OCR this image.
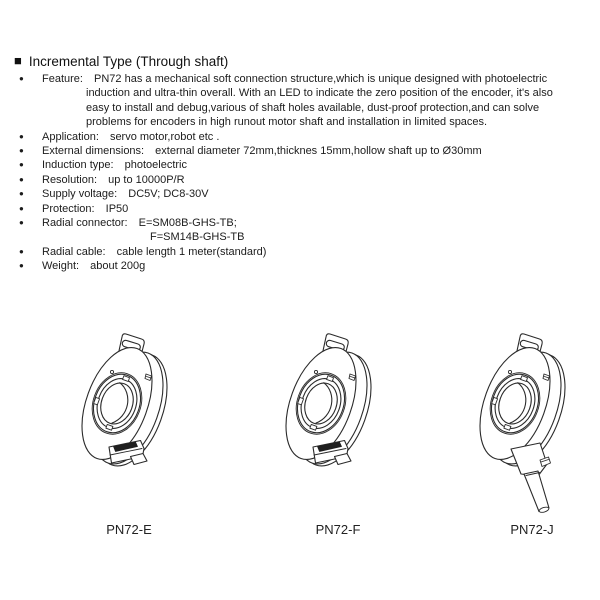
■ Incremental Type (Through shaft)
● Feature: PN72 has a mechanical soft connection structure,which is unique designed with photoelectric
induction and ultra-thin overall. With an LED to indicate the zero position of the encoder, it's also
easy to install and debug,various of shaft holes available, dust-proof protection,and can solve
problems for encoders in high runout motor shaft and installation in limited spaces.
● Application: servo motor,robot etc .
● External dimensions: external diameter 72mm,thicknes 15mm,hollow shaft up to Ø30mm
● Induction type: photoelectric
● Resolution: up to 10000P/R
● Supply voltage: DC5V; DC8-30V
● Protection: IP50
● Radial connector: E=SM08B-GHS-TB;
F=SM14B-GHS-TB
● Radial cable: cable length 1 meter(standard)
● Weight: about 200g
PN72-E	PN72-F	PN72-J
